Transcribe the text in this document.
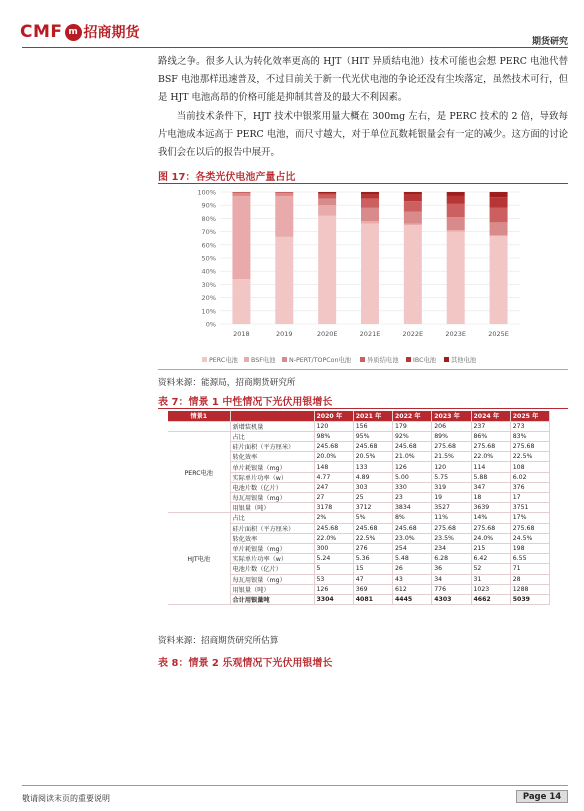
CMF m 招商期货
期货研究

路线之争。很多人认为转化效率更高的 HJT（HIT 异质结电池）技术可能也会想 PERC 电池代替 BSF 电池那样迅速普及，不过目前关于新一代光伏电池的争论还没有尘埃落定，虽然技术可行，但是 HJT 电池高昂的价格可能是抑制其普及的最大不利因素。

当前技术条件下，HJT 技术中银浆用量大概在 300mg 左右，是 PERC 技术的 2 倍，导致每片电池成本远高于 PERC 电池，而尺寸越大，对于单位瓦数耗银量会有一定的减少。这方面的讨论我们会在以后的报告中展开。

图 17：各类光伏电池产量占比
0%
10%
20%
30%
40%
50%
60%
70%
80%
90%
100%
2018	2019	2020E	2021E	2022E	2023E	2025E
PERC电池 BSF电池 N-PERT/TOPCon电池	异质结电池 IBC电池 其他电池
资料来源：能源局，招商期货研究所
表 7：情景 1 中性情况下光伏用银增长
情景1		2020 年	2021 年	2022 年	2023 年	2024 年	2025 年
	新增装机量	120	156	179	206	237	273
PERC电池	占比	98%	95%	92%	89%	86%	83%
	硅片面积（平方厘米）	245.68	245.68	245.68	275.68	275.68	275.68
	转化效率	20.0%	20.5%	21.0%	21.5%	22.0%	22.5%
	单片耗银量（mg）	148	133	126	120	114	108
	实际单片功率（w）	4.77	4.89	5.00	5.75	5.88	6.02
	电池片数（亿片）	247	303	330	319	347	376
	每瓦用银量（mg）	27	25	23	19	18	17
	用银量（吨）	3178	3712	3834	3527	3639	3751
HJT电池	占比	2%	5%	8%	11%	14%	17%
	硅片面积（平方厘米）	245.68	245.68	245.68	275.68	275.68	275.68
	转化效率	22.0%	22.5%	23.0%	23.5%	24.0%	24.5%
	单片耗银量（mg）	300	276	254	234	215	198
	实际单片功率（w）	5.24	5.36	5.48	6.28	6.42	6.55
	电池片数（亿片）	5	15	26	36	52	71
	每瓦用银量（mg）	53	47	43	34	31	28
	用银量（吨）	126	369	612	776	1023	1288
	合计用银量吨	3304	4081	4445	4303	4662	5039
资料来源：招商期货研究所估算
表 8：情景 2 乐观情况下光伏用银增长
敬请阅读末页的重要说明	Page 14
